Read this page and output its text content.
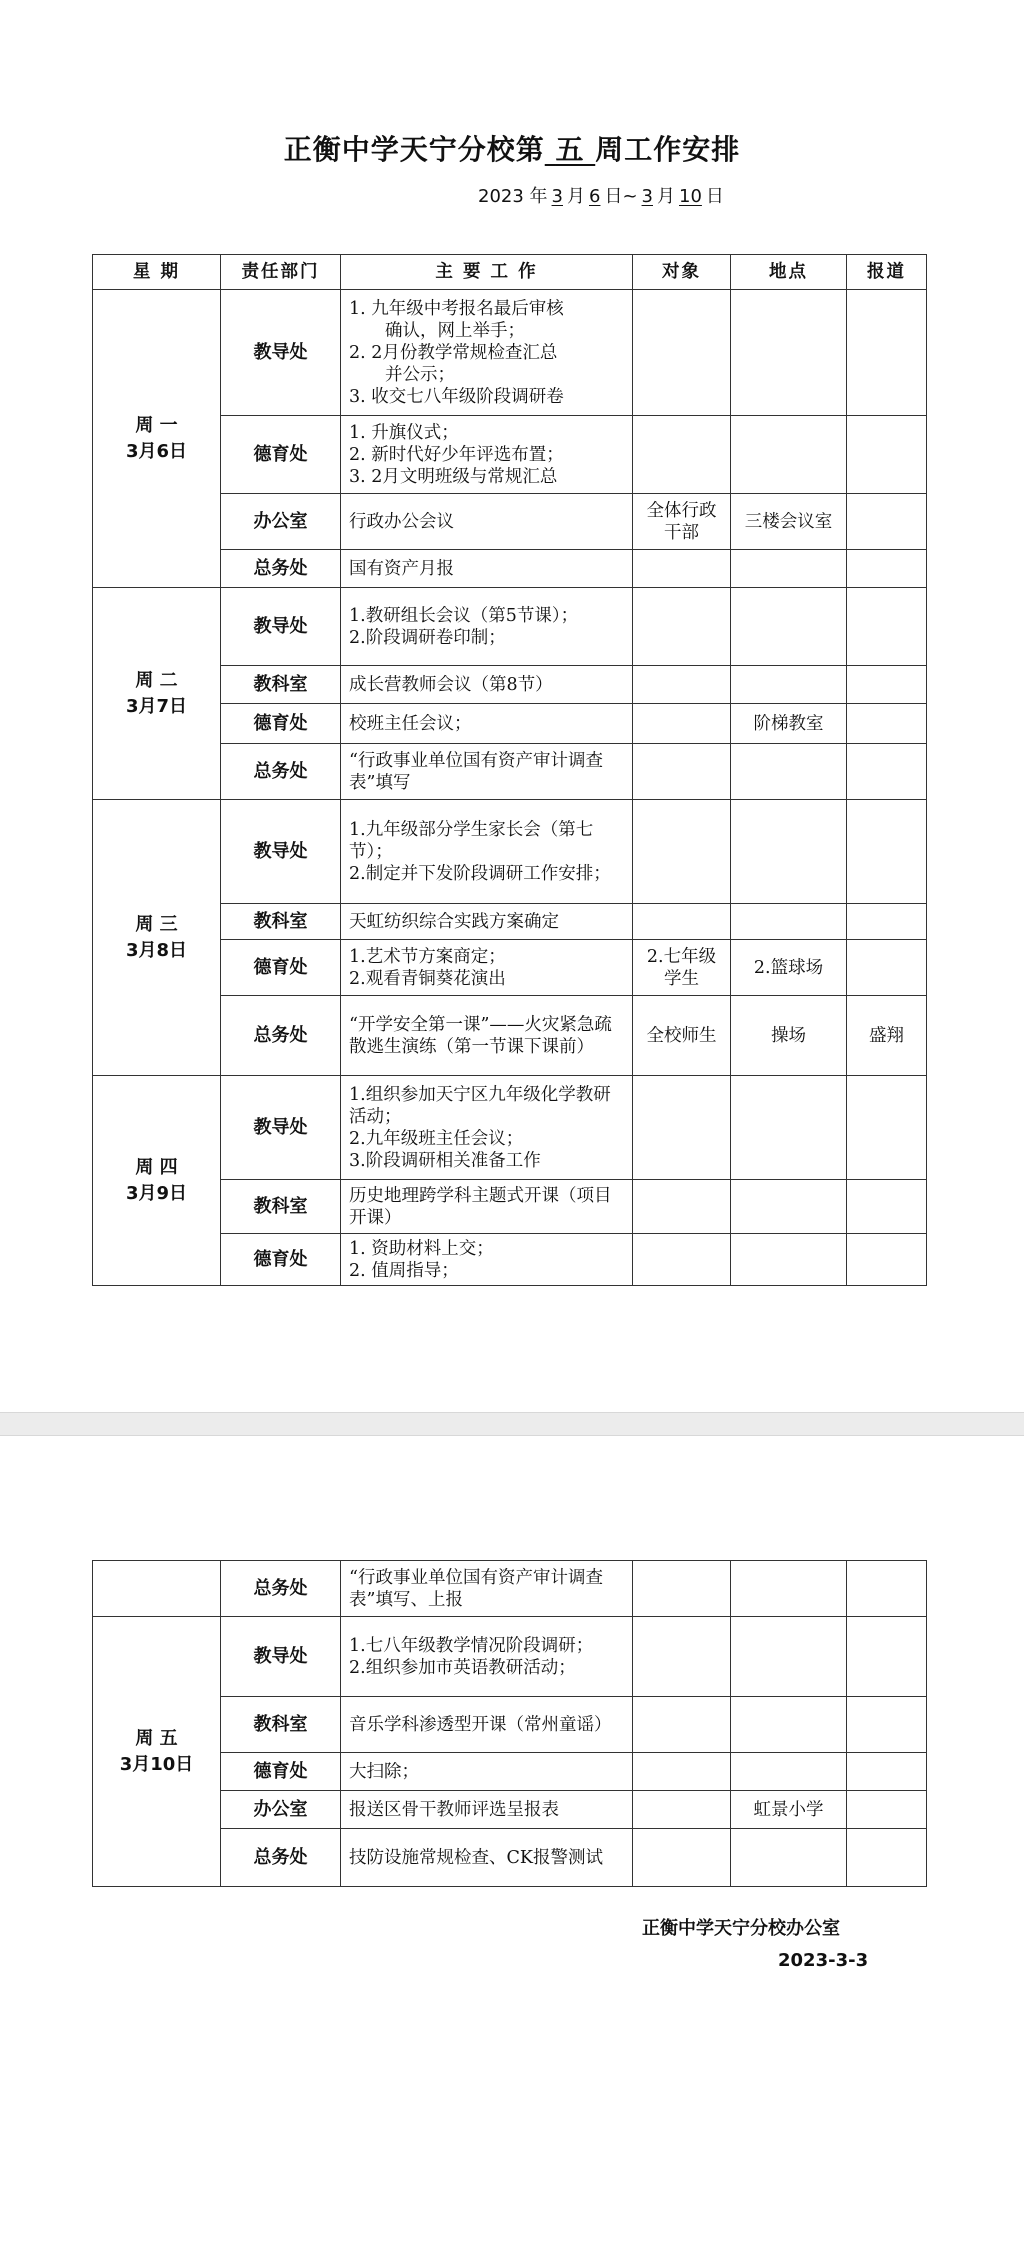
正衡中学天宁分校第 五 周工作安排
2023 年 3 月 6 日~ 3 月 10 日
星 期	责任部门	主 要 工 作	对象	地点	报道

周 一
3月6日	教导处	1. 九年级中考报名最后审核
确认，网上举手；
2. 2月份教学常规检查汇总
并公示；
3. 收交七八年级阶段调研卷			

	德育处	1. 升旗仪式；
2. 新时代好少年评选布置；
3. 2月文明班级与常规汇总			

	办公室	行政办公会议	全体行政干部	三楼会议室	
	总务处	国有资产月报			

周 二
3月7日	教导处	1.教研组长会议（第5节课）；
2.阶段调研卷印制；			

	教科室	成长营教师会议（第8节）			
	德育处	校班主任会议；		阶梯教室	
	总务处	“行政事业单位国有资产审计调查表”填写			

周 三
3月8日	教导处	1.九年级部分学生家长会（第七节）；
2.制定并下发阶段调研工作安排；			

	教科室	天虹纺织综合实践方案确定			
	德育处	1.艺术节方案商定；
2.观看青铜葵花演出	2.七年级学生	2.篮球场	
	总务处	“开学安全第一课”——火灾紧急疏散逃生演练（第一节课下课前）	全校师生	操场	盛翔

周 四
3月9日	教导处	1.组织参加天宁区九年级化学教研活动；
2.九年级班主任会议；
3.阶段调研相关准备工作			

	教科室	历史地理跨学科主题式开课（项目开课）			
	德育处	1. 资助材料上交；
2. 值周指导；			

	总务处	“行政事业单位国有资产审计调查表”填写、上报			

周 五
3月10日	教导处	1.七八年级教学情况阶段调研；
2.组织参加市英语教研活动；			

	教科室	音乐学科渗透型开课（常州童谣）			
	德育处	大扫除；			
	办公室	报送区骨干教师评选呈报表		虹景小学	
	总务处	技防设施常规检查、CK报警测试			
正衡中学天宁分校办公室
2023-3-3
